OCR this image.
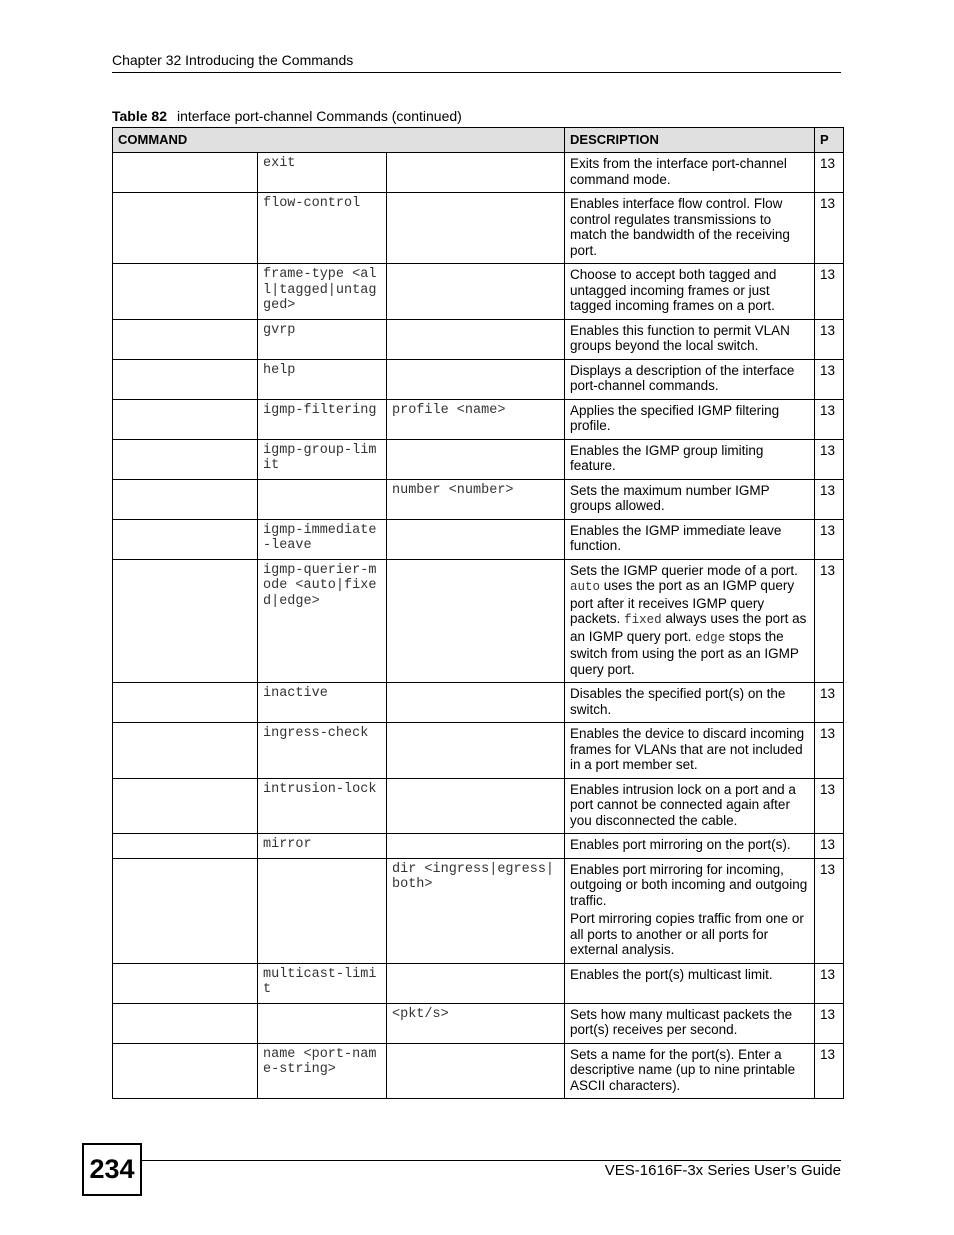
Chapter 32 Introducing the Commands
Table 82 interface port-channel Commands (continued)
COMMAND			DESCRIPTION	P
	exit		Exits from the interface port-channel command mode.	13
	flow-control		Enables interface flow control. Flow control regulates transmissions to match the bandwidth of the receiving port.	13
	frame-type <all|tagged|untagged>		Choose to accept both tagged and untagged incoming frames or just tagged incoming frames on a port.	13
	gvrp		Enables this function to permit VLAN groups beyond the local switch.	13
	help		Displays a description of the interface port-channel commands.	13
	igmp-filtering	profile <name>	Applies the specified IGMP filtering profile.	13
	igmp-group-limit		Enables the IGMP group limiting feature.	13
		number <number>	Sets the maximum number IGMP groups allowed.	13
	igmp-immediate-leave		Enables the IGMP immediate leave function.	13
	igmp-querier-mode <auto|fixed|edge>		Sets the IGMP querier mode of a port. auto uses the port as an IGMP query port after it receives IGMP query packets. fixed always uses the port as an IGMP query port. edge stops the switch from using the port as an IGMP query port.	13
	inactive		Disables the specified port(s) on the switch.	13
	ingress-check		Enables the device to discard incoming frames for VLANs that are not included in a port member set.	13
	intrusion-lock		Enables intrusion lock on a port and a port cannot be connected again after you disconnected the cable.	13
	mirror		Enables port mirroring on the port(s).	13
		dir <ingress|egress|both>	Enables port mirroring for incoming, outgoing or both incoming and outgoing traffic.

Port mirroring copies traffic from one or all ports to another or all ports for external analysis.	13
	multicast-limit		Enables the port(s) multicast limit.	13
		<pkt/s>	Sets how many multicast packets the port(s) receives per second.	13
	name <port-name-string>		Sets a name for the port(s). Enter a descriptive name (up to nine printable ASCII characters).	13
234	VES-1616F-3x Series User’s Guide
